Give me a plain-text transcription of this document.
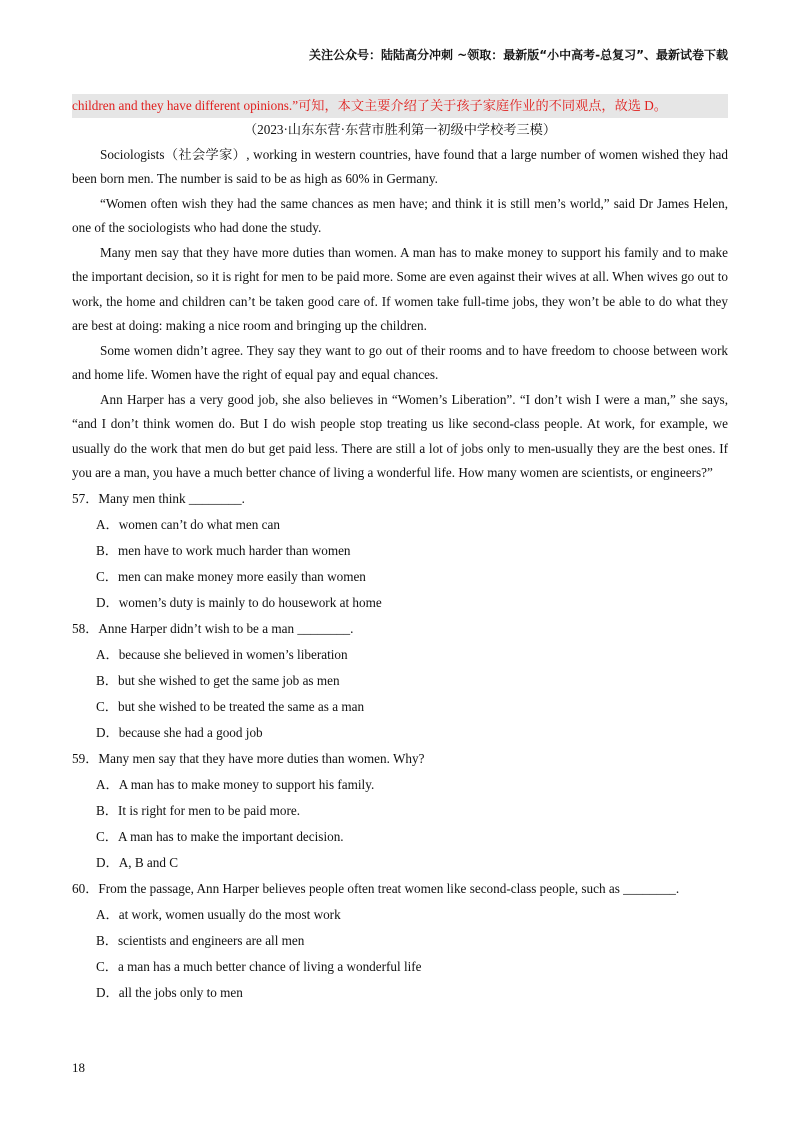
关注公众号：陆陆高分冲刺 ~领取：最新版“小中高考-总复习”、最新试卷下载
children and they have different opinions.”可知，本文主要介绍了关于孩子家庭作业的不同观点，故选 D。
（2023·山东东营·东营市胜利第一初级中学校考三模）

Sociologists（社会学家）, working in western countries, have found that a large number of women wished they had been born men. The number is said to be as high as 60% in Germany.

“Women often wish they had the same chances as men have; and think it is still men’s world,” said Dr James Helen, one of the sociologists who had done the study.

Many men say that they have more duties than women. A man has to make money to support his family and to make the important decision, so it is right for men to be paid more. Some are even against their wives at all. When wives go out to work, the home and children can’t be taken good care of. If women take full-time jobs, they won’t be able to do what they are best at doing: making a nice room and bringing up the children.

Some women didn’t agree. They say they want to go out of their rooms and to have freedom to choose between work and home life. Women have the right of equal pay and equal chances.

Ann Harper has a very good job, she also believes in “Women’s Liberation”. “I don’t wish I were a man,” she says, “and I don’t think women do. But I do wish people stop treating us like second-class people. At work, for example, we usually do the work that men do but get paid less. There are still a lot of jobs only to men-usually they are the best ones. If you are a man, you have a much better chance of living a wonderful life. How many women are scientists, or engineers?”

57．Many men think ________.

A．women can’t do what men can

B．men have to work much harder than women

C．men can make money more easily than women

D．women’s duty is mainly to do housework at home

58．Anne Harper didn’t wish to be a man ________.

A．because she believed in women’s liberation

B．but she wished to get the same job as men

C．but she wished to be treated the same as a man

D．because she had a good job

59．Many men say that they have more duties than women. Why?

A．A man has to make money to support his family.

B．It is right for men to be paid more.

C．A man has to make the important decision.

D．A, B and C

60．From the passage, Ann Harper believes people often treat women like second-class people, such as ________.

A．at work, women usually do the most work

B．scientists and engineers are all men

C．a man has a much better chance of living a wonderful life

D．all the jobs only to men

18
